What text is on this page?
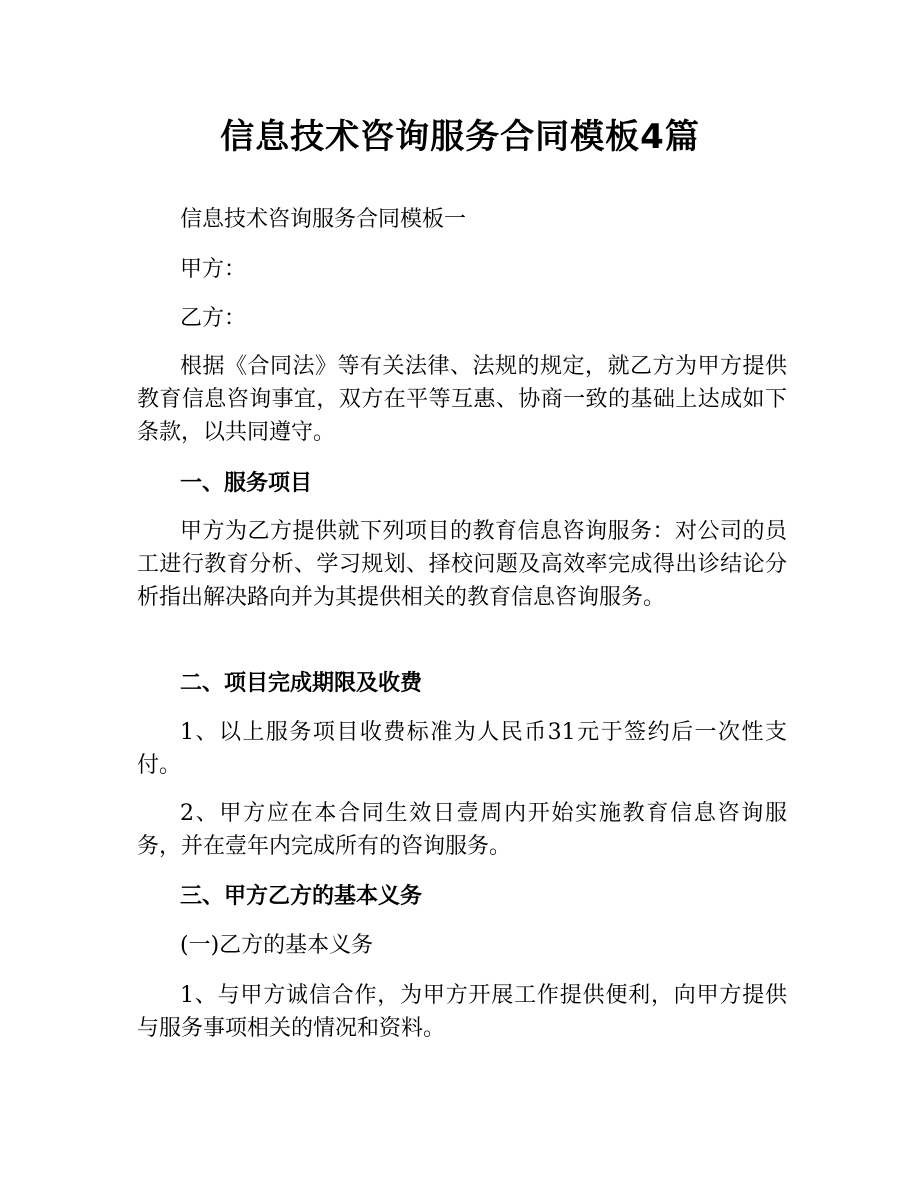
信息技术咨询服务合同模板4篇

信息技术咨询服务合同模板一

甲方：

乙方：

根据《合同法》等有关法律、法规的规定，就乙方为甲方提供教育信息咨询事宜，双方在平等互惠、协商一致的基础上达成如下条款，以共同遵守。

一、服务项目

甲方为乙方提供就下列项目的教育信息咨询服务：对公司的员工进行教育分析、学习规划、择校问题及高效率完成得出诊结论分析指出解决路向并为其提供相关的教育信息咨询服务。

二、项目完成期限及收费

1、以上服务项目收费标准为人民币31元于签约后一次性支付。

2、甲方应在本合同生效日壹周内开始实施教育信息咨询服务，并在壹年内完成所有的咨询服务。

三、甲方乙方的基本义务

(一)乙方的基本义务

1、与甲方诚信合作，为甲方开展工作提供便利，向甲方提供与服务事项相关的情况和资料。
